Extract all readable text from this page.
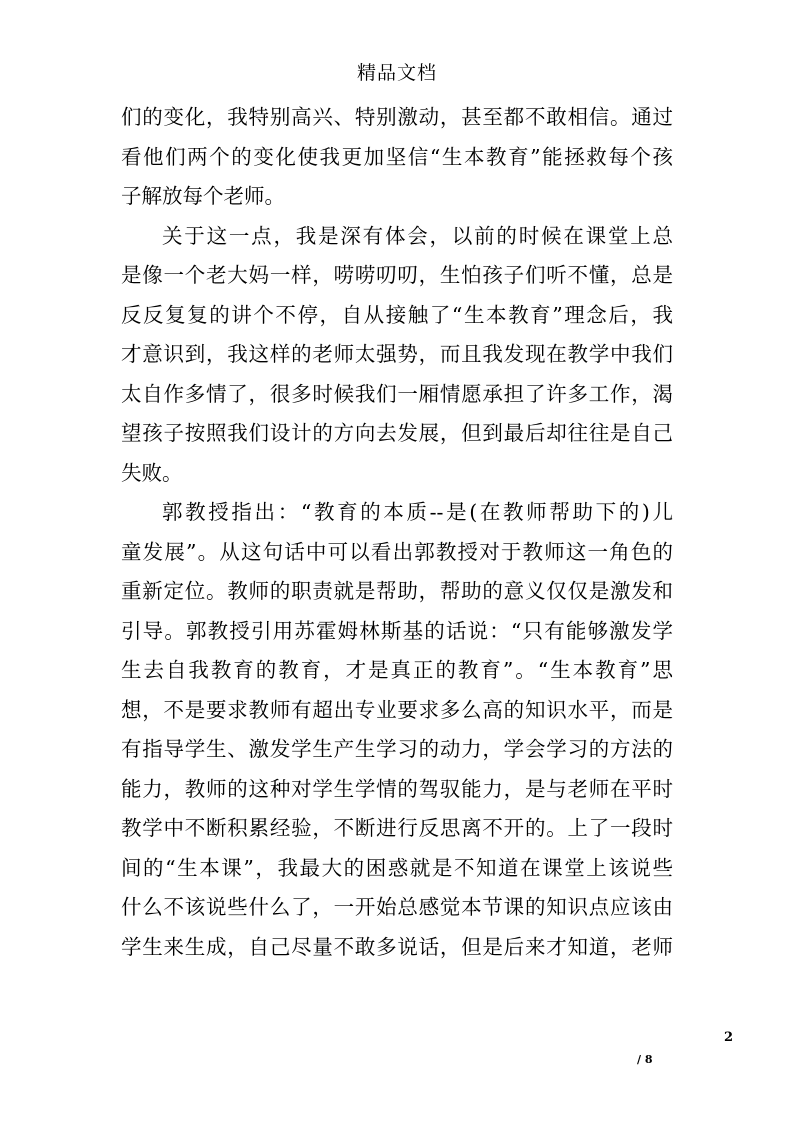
精品文档
们的变化，我特别高兴、特别激动，甚至都不敢相信。通过
看他们两个的变化使我更加坚信“生本教育”能拯救每个孩
子解放每个老师。
关于这一点，我是深有体会，以前的时候在课堂上总
是像一个老大妈一样，唠唠叨叨，生怕孩子们听不懂，总是
反反复复的讲个不停，自从接触了“生本教育”理念后，我
才意识到，我这样的老师太强势，而且我发现在教学中我们
太自作多情了，很多时候我们一厢情愿承担了许多工作，渴
望孩子按照我们设计的方向去发展，但到最后却往往是自己
失败。
郭教授指出：“教育的本质--是(在教师帮助下的)儿
童发展”。从这句话中可以看出郭教授对于教师这一角色的
重新定位。教师的职责就是帮助，帮助的意义仅仅是激发和
引导。郭教授引用苏霍姆林斯基的话说：“只有能够激发学
生去自我教育的教育，才是真正的教育”。“生本教育”思
想，不是要求教师有超出专业要求多么高的知识水平，而是
有指导学生、激发学生产生学习的动力，学会学习的方法的
能力，教师的这种对学生学情的驾驭能力，是与老师在平时
教学中不断积累经验，不断进行反思离不开的。上了一段时
间的“生本课”，我最大的困惑就是不知道在课堂上该说些
什么不该说些什么了，一开始总感觉本节课的知识点应该由
学生来生成，自己尽量不敢多说话，但是后来才知道，老师
2
/ 8
